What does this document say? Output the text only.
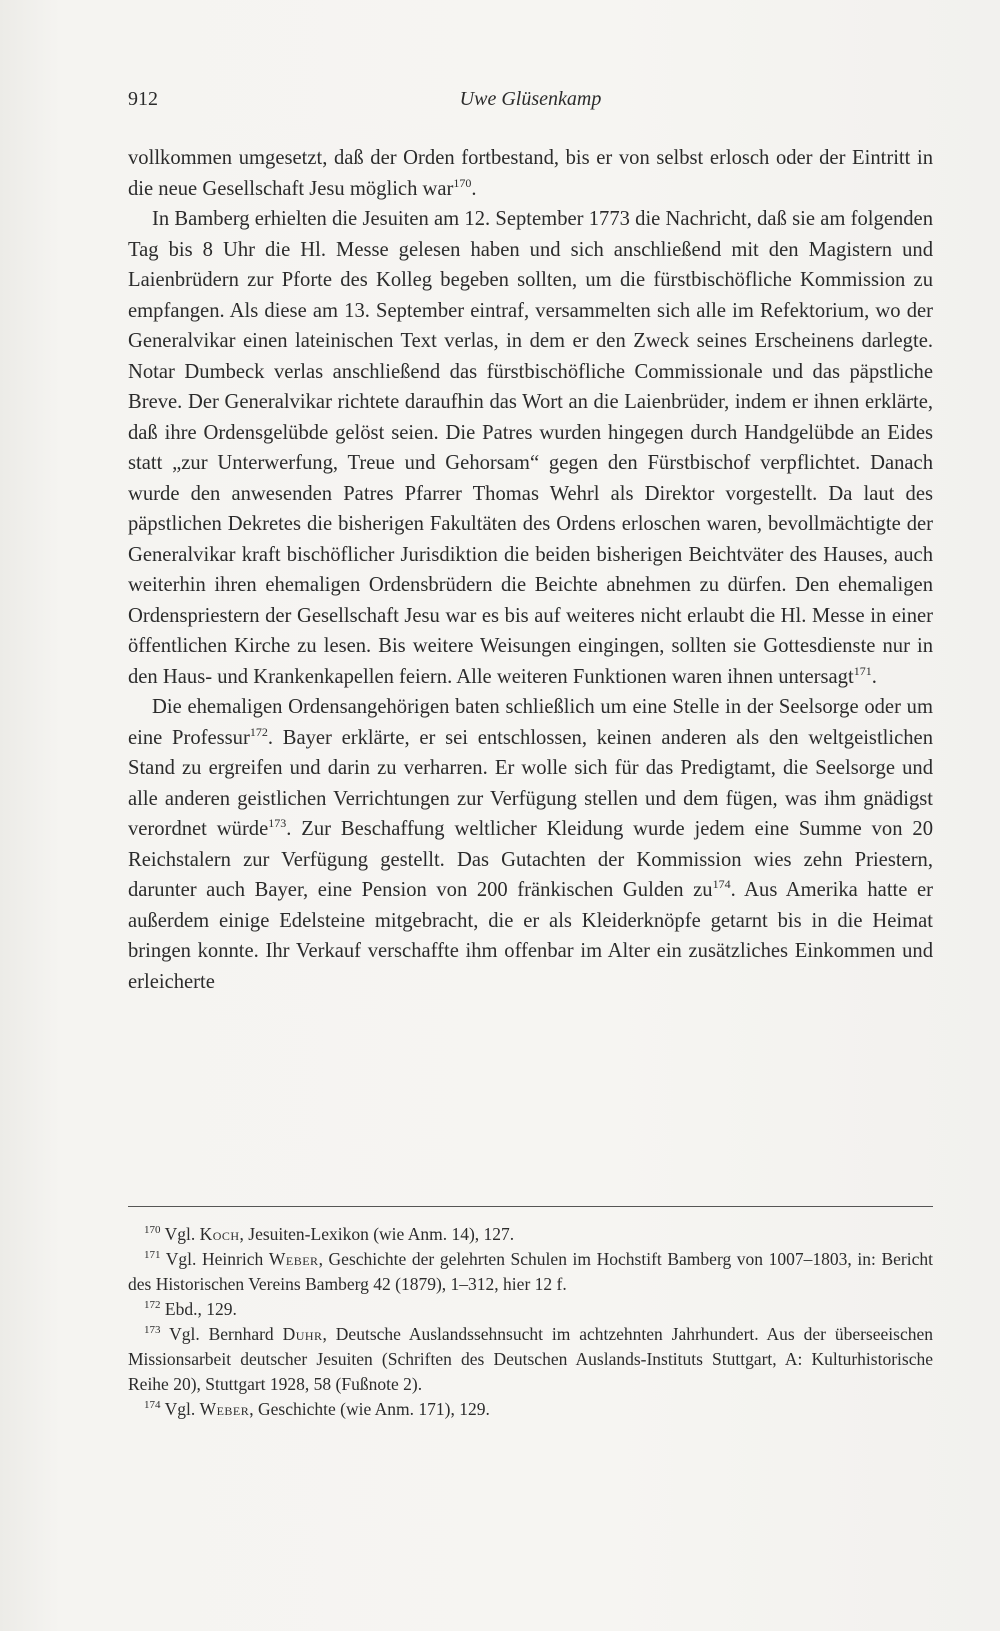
912	Uwe Glüsenkamp

vollkommen umgesetzt, daß der Orden fortbestand, bis er von selbst erlosch oder der Eintritt in die neue Gesellschaft Jesu möglich war$^{170}$.

In Bamberg erhielten die Jesuiten am 12. September 1773 die Nachricht, daß sie am folgenden Tag bis 8 Uhr die Hl. Messe gelesen haben und sich anschließend mit den Magistern und Laienbrüdern zur Pforte des Kolleg begeben sollten, um die fürstbischöfliche Kommission zu empfangen. Als diese am 13. September eintraf, versammelten sich alle im Refektorium, wo der Generalvikar einen lateinischen Text verlas, in dem er den Zweck seines Erscheinens darlegte. Notar Dumbeck verlas anschließend das fürstbischöfliche Commissionale und das päpstliche Breve. Der Generalvikar richtete daraufhin das Wort an die Laienbrüder, indem er ihnen erklärte, daß ihre Ordensgelübde gelöst seien. Die Patres wurden hingegen durch Handgelübde an Eides statt „zur Unterwerfung, Treue und Gehorsam“ gegen den Fürstbischof verpflichtet. Danach wurde den anwesenden Patres Pfarrer Thomas Wehrl als Direktor vorgestellt. Da laut des päpstlichen Dekretes die bisherigen Fakultäten des Ordens erloschen waren, bevollmächtigte der Generalvikar kraft bischöflicher Jurisdiktion die beiden bisherigen Beichtväter des Hauses, auch weiterhin ihren ehemaligen Ordensbrüdern die Beichte abnehmen zu dürfen. Den ehemaligen Ordenspriestern der Gesellschaft Jesu war es bis auf weiteres nicht erlaubt die Hl. Messe in einer öffentlichen Kirche zu lesen. Bis weitere Weisungen eingingen, sollten sie Gottesdienste nur in den Haus- und Krankenkapellen feiern. Alle weiteren Funktionen waren ihnen untersagt$^{171}$.

Die ehemaligen Ordensangehörigen baten schließlich um eine Stelle in der Seelsorge oder um eine Professur$^{172}$. Bayer erklärte, er sei entschlossen, keinen anderen als den weltgeistlichen Stand zu ergreifen und darin zu verharren. Er wolle sich für das Predigtamt, die Seelsorge und alle anderen geistlichen Verrichtungen zur Verfügung stellen und dem fügen, was ihm gnädigst verordnet würde$^{173}$. Zur Beschaffung weltlicher Kleidung wurde jedem eine Summe von 20 Reichstalern zur Verfügung gestellt. Das Gutachten der Kommission wies zehn Priestern, darunter auch Bayer, eine Pension von 200 fränkischen Gulden $zu^{174}$. Aus Amerika hatte er außerdem einige Edelsteine mitgebracht, die er als Kleiderknöpfe getarnt bis in die Heimat bringen konnte. Ihr Verkauf verschaffte ihm offenbar im Alter ein zusätzliches Einkommen und erleicherte

$^{170}$ Vgl. Koch, Jesuiten-Lexikon (wie Anm. 14), 127.

$^{171}$ Vgl. Heinrich Weber, Geschichte der gelehrten Schulen im Hochstift Bamberg von 1007–1803, in: Bericht des Historischen Vereins Bamberg 42 (1879), 1–312, hier 12 f.

$^{172}$ Ebd., 129.

$^{173}$ Vgl. Bernhard Duhr, Deutsche Auslandssehnsucht im achtzehnten Jahrhundert. Aus der überseeischen Missionsarbeit deutscher Jesuiten (Schriften des Deutschen Auslands-Instituts Stuttgart, A: Kulturhistorische Reihe 20), Stuttgart 1928, 58 (Fußnote 2).

$^{174}$ Vgl. Weber, Geschichte (wie Anm. 171), 129.
